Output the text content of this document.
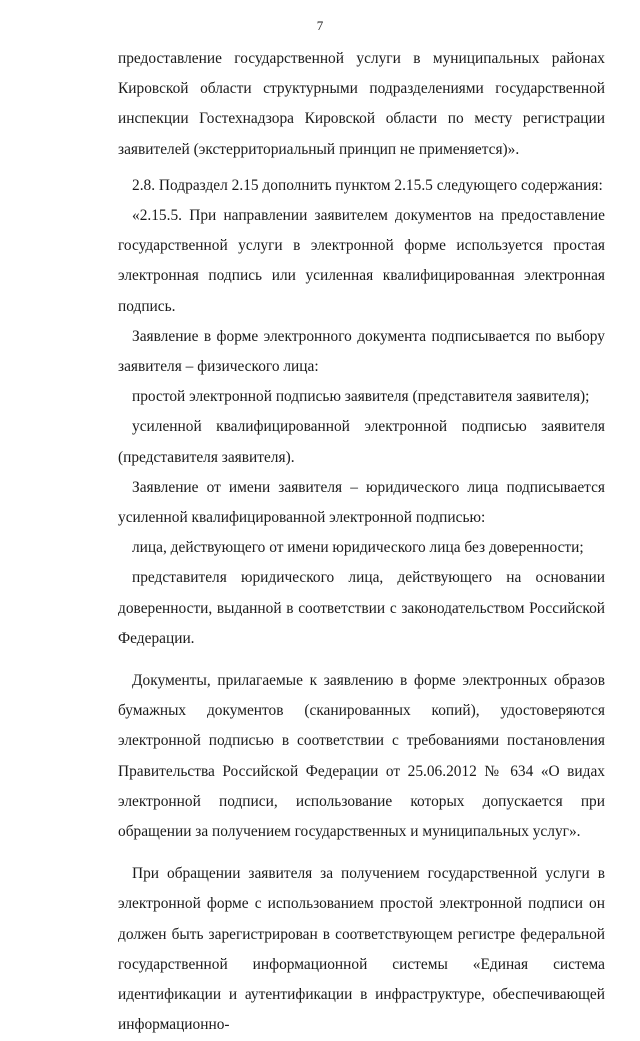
7

предоставление государственной услуги в муниципальных районах Кировской области структурными подразделениями государственной инспекции Гостехнадзора Кировской области по месту регистрации заявителей (экстерриториальный принцип не применяется)».

2.8. Подраздел 2.15 дополнить пунктом 2.15.5 следующего содержания:

«2.15.5. При направлении заявителем документов на предоставление государственной услуги в электронной форме используется простая электронная подпись или усиленная квалифицированная электронная подпись.

Заявление в форме электронного документа подписывается по выбору заявителя – физического лица:

простой электронной подписью заявителя (представителя заявителя);

усиленной квалифицированной электронной подписью заявителя (представителя заявителя).

Заявление от имени заявителя – юридического лица подписывается усиленной квалифицированной электронной подписью:

лица, действующего от имени юридического лица без доверенности;

представителя юридического лица, действующего на основании доверенности, выданной в соответствии с законодательством Российской Федерации.

Документы, прилагаемые к заявлению в форме электронных образов бумажных документов (сканированных копий), удостоверяются электронной подписью в соответствии с требованиями постановления Правительства Российской Федерации от 25.06.2012 № 634 «О видах электронной подписи, использование которых допускается при обращении за получением государственных и муниципальных услуг».

При обращении заявителя за получением государственной услуги в электронной форме с использованием простой электронной подписи он должен быть зарегистрирован в соответствующем регистре федеральной государственной информационной системы «Единая система идентификации и аутентификации в инфраструктуре, обеспечивающей информационно-
